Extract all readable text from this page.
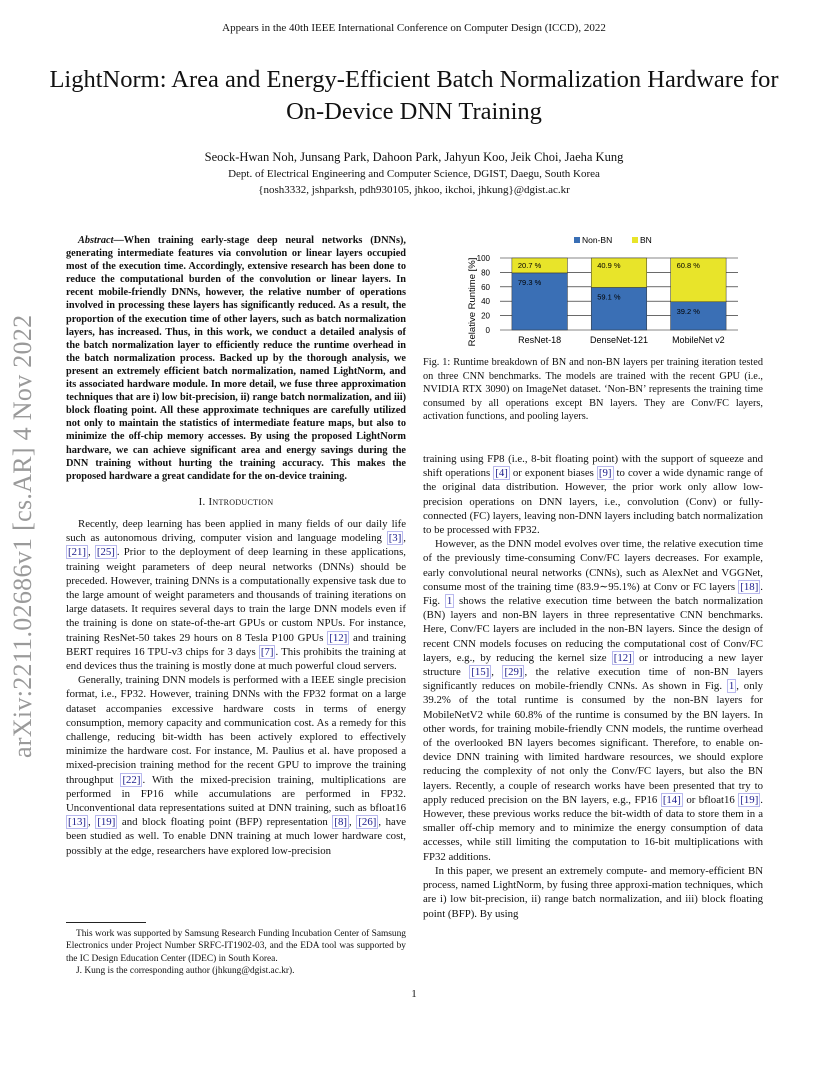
Appears in the 40th IEEE International Conference on Computer Design (ICCD), 2022
LightNorm: Area and Energy-Efficient Batch Normalization Hardware for On-Device DNN Training
Seock-Hwan Noh, Junsang Park, Dahoon Park, Jahyun Koo, Jeik Choi, Jaeha Kung
Dept. of Electrical Engineering and Computer Science, DGIST, Daegu, South Korea
{nosh3332, jshparksh, pdh930105, jhkoo, ikchoi, jhkung}@dgist.ac.kr
arXiv:2211.02686v1 [cs.AR] 4 Nov 2022
Abstract—When training early-stage deep neural networks (DNNs), generating intermediate features via convolution or linear layers occupied most of the execution time. Accordingly, extensive research has been done to reduce the computational burden of the convolution or linear layers. In recent mobile-friendly DNNs, however, the relative number of operations involved in processing these layers has significantly reduced. As a result, the proportion of the execution time of other layers, such as batch normalization layers, has increased. Thus, in this work, we conduct a detailed analysis of the batch normalization layer to efficiently reduce the runtime overhead in the batch normalization process. Backed up by the thorough analysis, we present an extremely efficient batch normalization, named LightNorm, and its associated hardware module. In more detail, we fuse three approximation techniques that are i) low bit-precision, ii) range batch normalization, and iii) block floating point. All these approximate techniques are carefully utilized not only to maintain the statistics of intermediate feature maps, but also to minimize the off-chip memory accesses. By using the proposed LightNorm hardware, we can achieve significant area and energy savings during the DNN training without hurting the training accuracy. This makes the proposed hardware a great candidate for the on-device training.
I. Introduction

Recently, deep learning has been applied in many fields of our daily life such as autonomous driving, computer vision and language modeling [3] , [21] , [25] . Prior to the deployment of deep learning in these applications, training weight parameters of deep neural networks (DNNs) should be preceded. However, training DNNs is a computationally expensive task due to the large amount of weight parameters and thousands of training iterations on large datasets. It requires several days to train the large DNN models even if the training is done on state-of-the-art GPUs or custom NPUs. For instance, training ResNet-50 takes 29 hours on 8 Tesla P100 GPUs [12] and training BERT requires 16 TPU-v3 chips for 3 days [7] . This prohibits the training at end devices thus the training is mostly done at much powerful cloud servers.

Generally, training DNN models is performed with a IEEE single precision format, i.e., FP32. However, training DNNs with the FP32 format on a large dataset accompanies excessive hardware costs in terms of energy consumption, memory capacity and communication cost. As a remedy for this challenge, reducing bit-width has been actively explored to effectively minimize the hardware cost. For instance, M. Paulius et al. have proposed a mixed-precision training method for the recent GPU to improve the training throughput [22] . With the mixed-precision training, multiplications are performed in FP16 while accumulations are performed in FP32. Unconventional data representations suited at DNN training, such as bfloat16 [13] , [19] and block floating point (BFP) representation [8] , [26] , have been studied as well. To enable DNN training at much lower hardware cost, possibly at the edge, researchers have explored low-precision

This work was supported by Samsung Research Funding Incubation Center of Samsung Electronics under Project Number SRFC-IT1902-03, and the EDA tool was supported by the IC Design Education Center (IDEC) in South Korea.

J. Kung is the corresponding author (jhkung@dgist.ac.kr).

Relative Runtime [%] 0
20
40
60
80
100
79.3 %
20.7 %
ResNet-18
59.1 %
40.9 %
DenseNet-121
39.2 %
60.8 %
MobileNet v2
Non-BN	BN
Fig. 1: Runtime breakdown of BN and non-BN layers per training iteration tested on three CNN benchmarks. The models are trained with the recent GPU (i.e., NVIDIA RTX 3090) on ImageNet dataset. ‘Non-BN’ represents the training time consumed by all operations except BN layers. They are Conv/FC layers, activation functions, and pooling layers.

training using FP8 (i.e., 8-bit floating point) with the support of squeeze and shift operations [4] or exponent biases [9] to cover a wide dynamic range of the original data distribution. However, the prior work only allow low-precision operations on DNN layers, i.e., convolution (Conv) or fully-connected (FC) layers, leaving non-DNN layers including batch normalization to be processed with FP32.

However, as the DNN model evolves over time, the relative execution time of the previously time-consuming Conv/FC layers decreases. For example, early convolutional neural networks (CNNs), such as AlexNet and VGGNet, consume most of the training time (83.9∼95.1%) at Conv or FC layers [18] . Fig. 1 shows the relative execution time between the batch normalization (BN) layers and non-BN layers in three representative CNN benchmarks. Here, Conv/FC layers are included in the non-BN layers. Since the design of recent CNN models focuses on reducing the computational cost of Conv/FC layers, e.g., by reducing the kernel size [12] or introducing a new layer structure [15] , [29] , the relative execution time of non-BN layers significantly reduces on mobile-friendly CNNs. As shown in Fig. 1 , only 39.2% of the total runtime is consumed by the non-BN layers for MobileNetV2 while 60.8% of the runtime is consumed by the BN layers. In other words, for training mobile-friendly CNN models, the runtime overhead of the overlooked BN layers becomes significant. Therefore, to enable on-device DNN training with limited hardware resources, we should explore reducing the complexity of not only the Conv/FC layers, but also the BN layers. Recently, a couple of research works have been presented that try to apply reduced precision on the BN layers, e.g., FP16 [14] or bfloat16 [19] . However, these previous works reduce the bit-width of data to store them in a smaller off-chip memory and to minimize the energy consumption of data accesses, while still limiting the computation to 16-bit multiplications with FP32 additions.

In this paper, we present an extremely compute- and memory-efficient BN process, named LightNorm, by fusing three approxi-mation techniques, which are i) low bit-precision, ii) range batch normalization, and iii) block floating point (BFP). By using

1
